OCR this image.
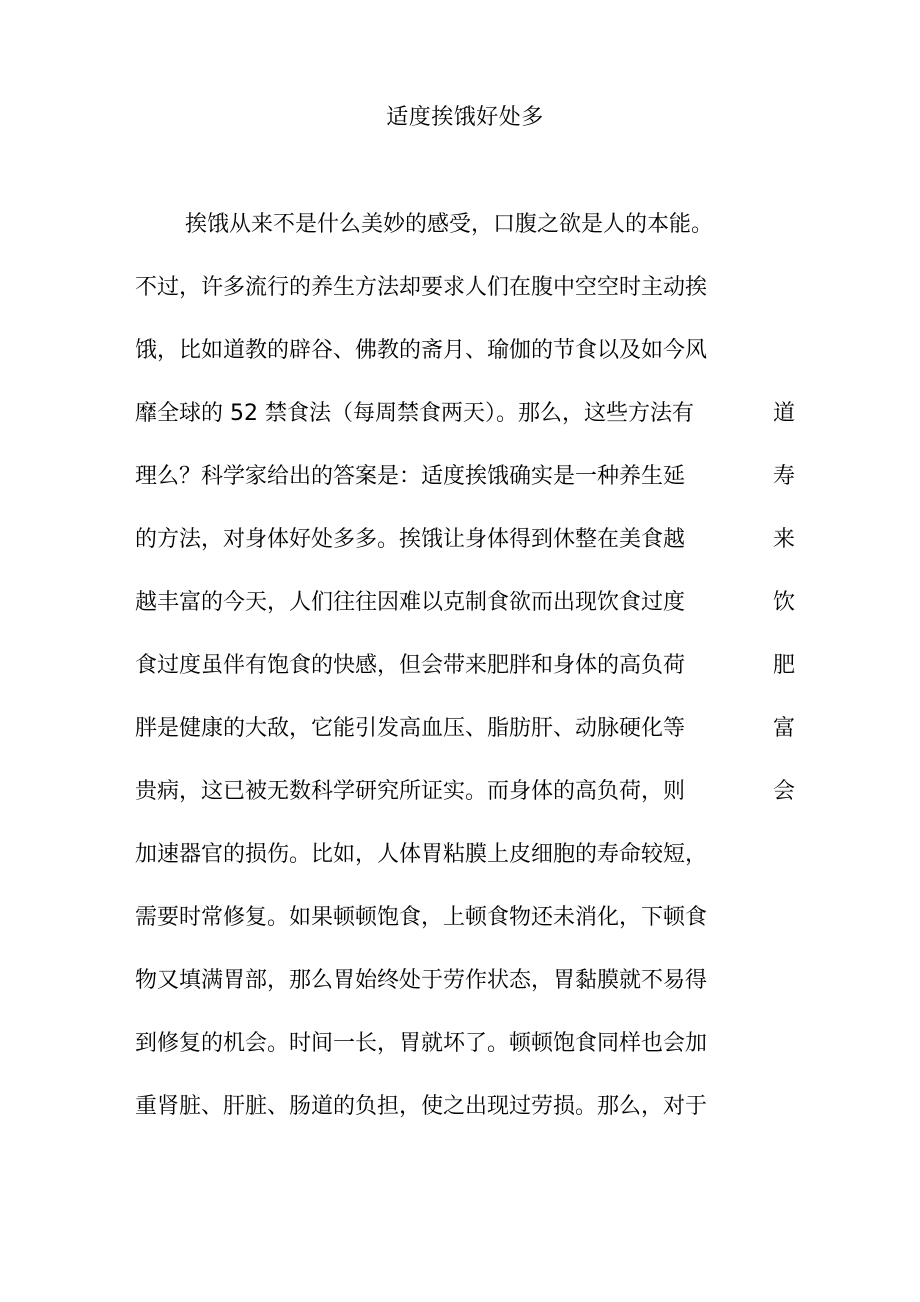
适度挨饿好处多
挨饿从来不是什么美妙的感受，口腹之欲是人的本能。
不过，许多流行的养生方法却要求人们在腹中空空时主动挨
饿，比如道教的辟谷、佛教的斋月、瑜伽的节食以及如今风
靡全球的 52 禁食法（每周禁食两天）。那么，这些方法有	道
理么？科学家给出的答案是：适度挨饿确实是一种养生延	寿
的方法，对身体好处多多。挨饿让身体得到休整在美食越	来
越丰富的今天，人们往往因难以克制食欲而出现饮食过度	饮
食过度虽伴有饱食的快感，但会带来肥胖和身体的高负荷	肥
胖是健康的大敌，它能引发高血压、脂肪肝、动脉硬化等	富
贵病，这已被无数科学研究所证实。而身体的高负荷，则	会
加速器官的损伤。比如，人体胃粘膜上皮细胞的寿命较短，
需要时常修复。如果顿顿饱食，上顿食物还未消化，下顿食
物又填满胃部，那么胃始终处于劳作状态，胃黏膜就不易得
到修复的机会。时间一长，胃就坏了。顿顿饱食同样也会加
重肾脏、肝脏、肠道的负担，使之出现过劳损。那么，对于
